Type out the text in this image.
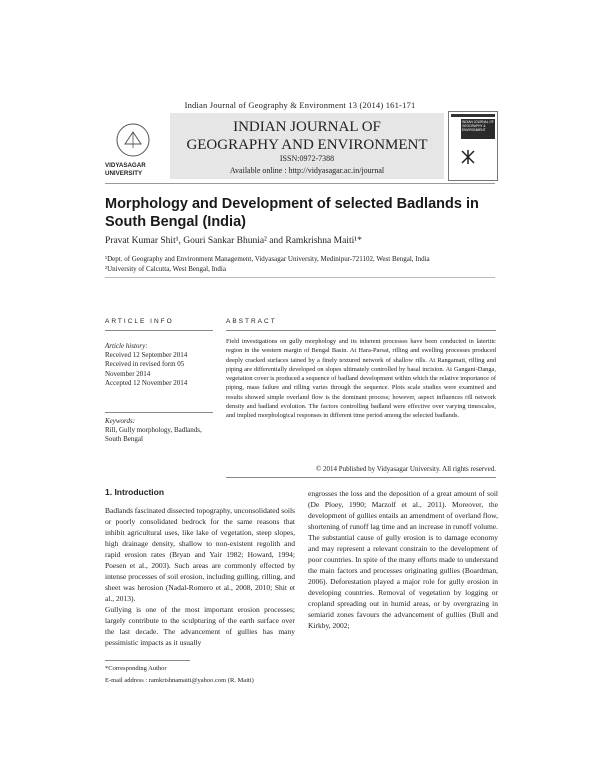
Indian Journal of Geography & Environment 13 (2014) 161-171
INDIAN JOURNAL OF
GEOGRAPHY AND ENVIRONMENT
ISSN:0972-7388
Available online : http://vidyasagar.ac.in/journal
VIDYASAGAR
UNIVERSITY
INDIAN JOURNAL OF GEOGRAPHY & ENVIRONMENT
Morphology and Development of selected Badlands in
South Bengal (India)
Pravat Kumar Shit¹, Gouri Sankar Bhunia² and Ramkrishna Maiti¹*
¹Dept. of Geography and Environment Management, Vidyasagar University, Medinipur-721102, West Bengal, India
²University of Calcutta, West Bengal, India
ARTICLE INFO	ABSTRACT
Article history:
Received 12 September 2014
Received in revised form 05 November 2014
Accepted 12 November 2014
Keywords:
Rill, Gully morphology, Badlands, South Bengal
Field investigations on gully morphology and its inherent processes have been conducted in lateritic region in the western margin of Bengal Basin. At Hara-Parsat, rilling and swelling processes produced deeply cracked surfaces tained by a finely textured network of shallow rills. At Rangamati, rilling and piping are differentially developed on slopes ultimately controlled by basal incision. At Gangani-Danga, vegetation cover is produced a sequence of badland development within which the relative importance of piping, mass failure and rilling varies through the sequence. Plots scale studies were examined and results showed simple overland flow is the dominant process; however, aspect influences rill network density and badland evolution. The factors controlling badland were effective over varying timescales, and implied morphological responses in different time period among the selected badlands.
© 2014 Published by Vidyasagar University. All rights reserved.
1. Introduction
Badlands fascinated dissected topography, unconsolidated soils or poorly consolidated bedrock for the same reasons that inhibit agricultural uses, like lake of vegetation, steep slopes, high drainage density, shallow to non-existent regolith and rapid erosion rates (Bryan and Yair 1982; Howard, 1994; Poesen et al., 2003). Such areas are commonly effected by intense processes of soil erosion, including gulling, rilling, and sheet was herosion (Nadal-Romero et al., 2008, 2010; Shit et al., 2013).
Gullying is one of the most important erosion processes; largely contribute to the sculpturing of the earth surface over the last decade. The advancement of gullies has many pessimistic impacts as it usually
engrosses the loss and the deposition of a great amount of soil (De Ploey, 1990; Marzolf et al., 2011). Moreover, the development of gullies entails an amendment of overland flow, shortening of runoff lag time and an increase in runoff volume. The substantial cause of gully erosion is to damage economy and may represent a relevant constrain to the development of poor countries. In spite of the many efforts made to understand the main factors and processes originating gullies (Boardman, 2006). Deforestation played a major role for gully erosion in developing countries. Removal of vegetation by logging or cropland spreading out in humid areas, or by overgrazing in semiarid zones favours the advancement of gullies (Bull and Kirkby, 2002;
*Corresponding Author
E-mail address : ramkrishnamaiti@yahoo.com (R. Maiti)
